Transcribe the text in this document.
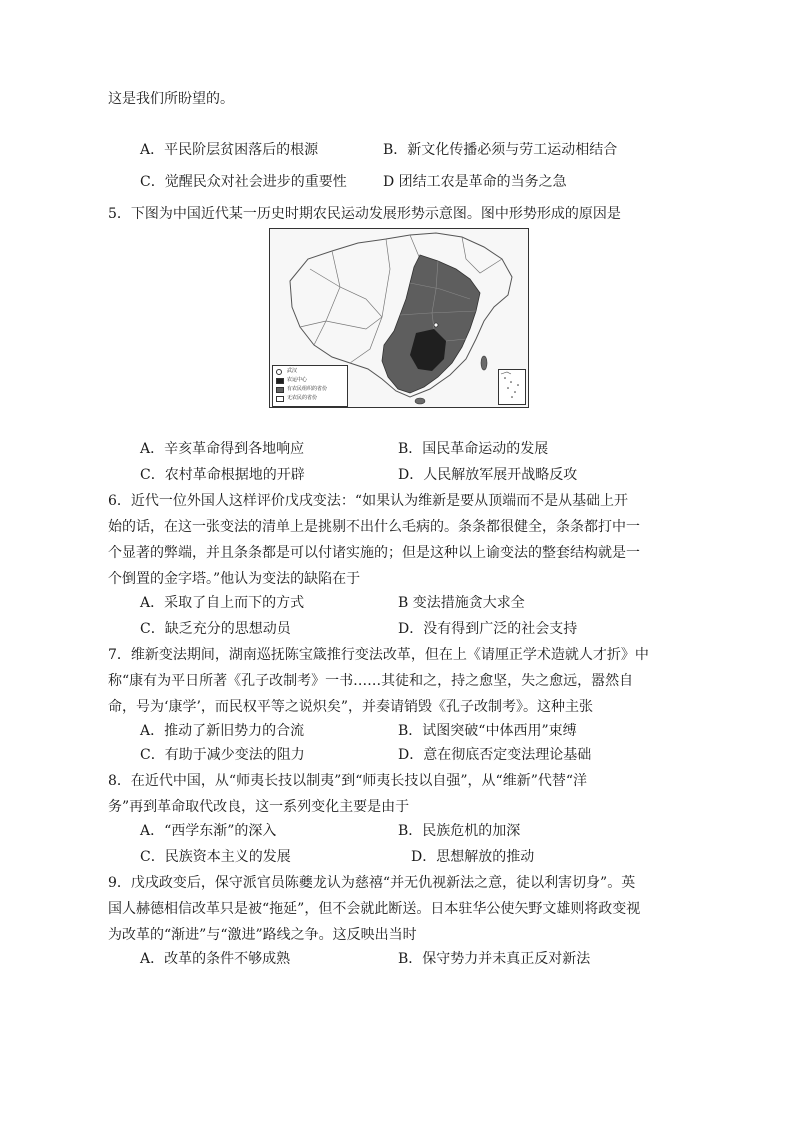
这是我们所盼望的。
A．平民阶层贫困落后的根源	B．新文化传播必须与劳工运动相结合
C．觉醒民众对社会进步的重要性	D 团结工农是革命的当务之急
5．下图为中国近代某一历史时期农民运动发展形势示意图。图中形势形成的原因是
武汉
农运中心
有农民组织的省份
无农民的省份
A．辛亥革命得到各地响应	B．国民革命运动的发展
C．农村革命根据地的开辟	D．人民解放军展开战略反攻
6．近代一位外国人这样评价戊戌变法：“如果认为维新是要从顶端而不是从基础上开
始的话，在这一张变法的清单上是挑剔不出什么毛病的。条条都很健全，条条都打中一
个显著的弊端，并且条条都是可以付诸实施的；但是这种以上谕变法的整套结构就是一
个倒置的金字塔。”他认为变法的缺陷在于
A．采取了自上而下的方式	B 变法措施贪大求全
C．缺乏充分的思想动员	D．没有得到广泛的社会支持
7．维新变法期间，湖南巡抚陈宝箴推行变法改革，但在上《请厘正学术造就人才折》中
称“康有为平日所著《孔子改制考》一书……其徒和之，持之愈坚，失之愈远，嚣然自
命，号为‘康学’，而民权平等之说炽矣”，并奏请销毁《孔子改制考》。这种主张
A．推动了新旧势力的合流	B．试图突破“中体西用”束缚
C．有助于减少变法的阻力	D．意在彻底否定变法理论基础
8．在近代中国，从“师夷长技以制夷”到“师夷长技以自强”，从“维新”代替“洋
务”再到革命取代改良，这一系列变化主要是由于
A．“西学东渐”的深入	B．民族危机的加深
C．民族资本主义的发展	D．思想解放的推动
9．戊戌政变后，保守派官员陈夔龙认为慈禧“并无仇视新法之意，徒以利害切身”。英
国人赫德相信改革只是被“拖延”，但不会就此断送。日本驻华公使矢野文雄则将政变视
为改革的“渐进”与“激进”路线之争。这反映出当时
A．改革的条件不够成熟	B．保守势力并未真正反对新法
